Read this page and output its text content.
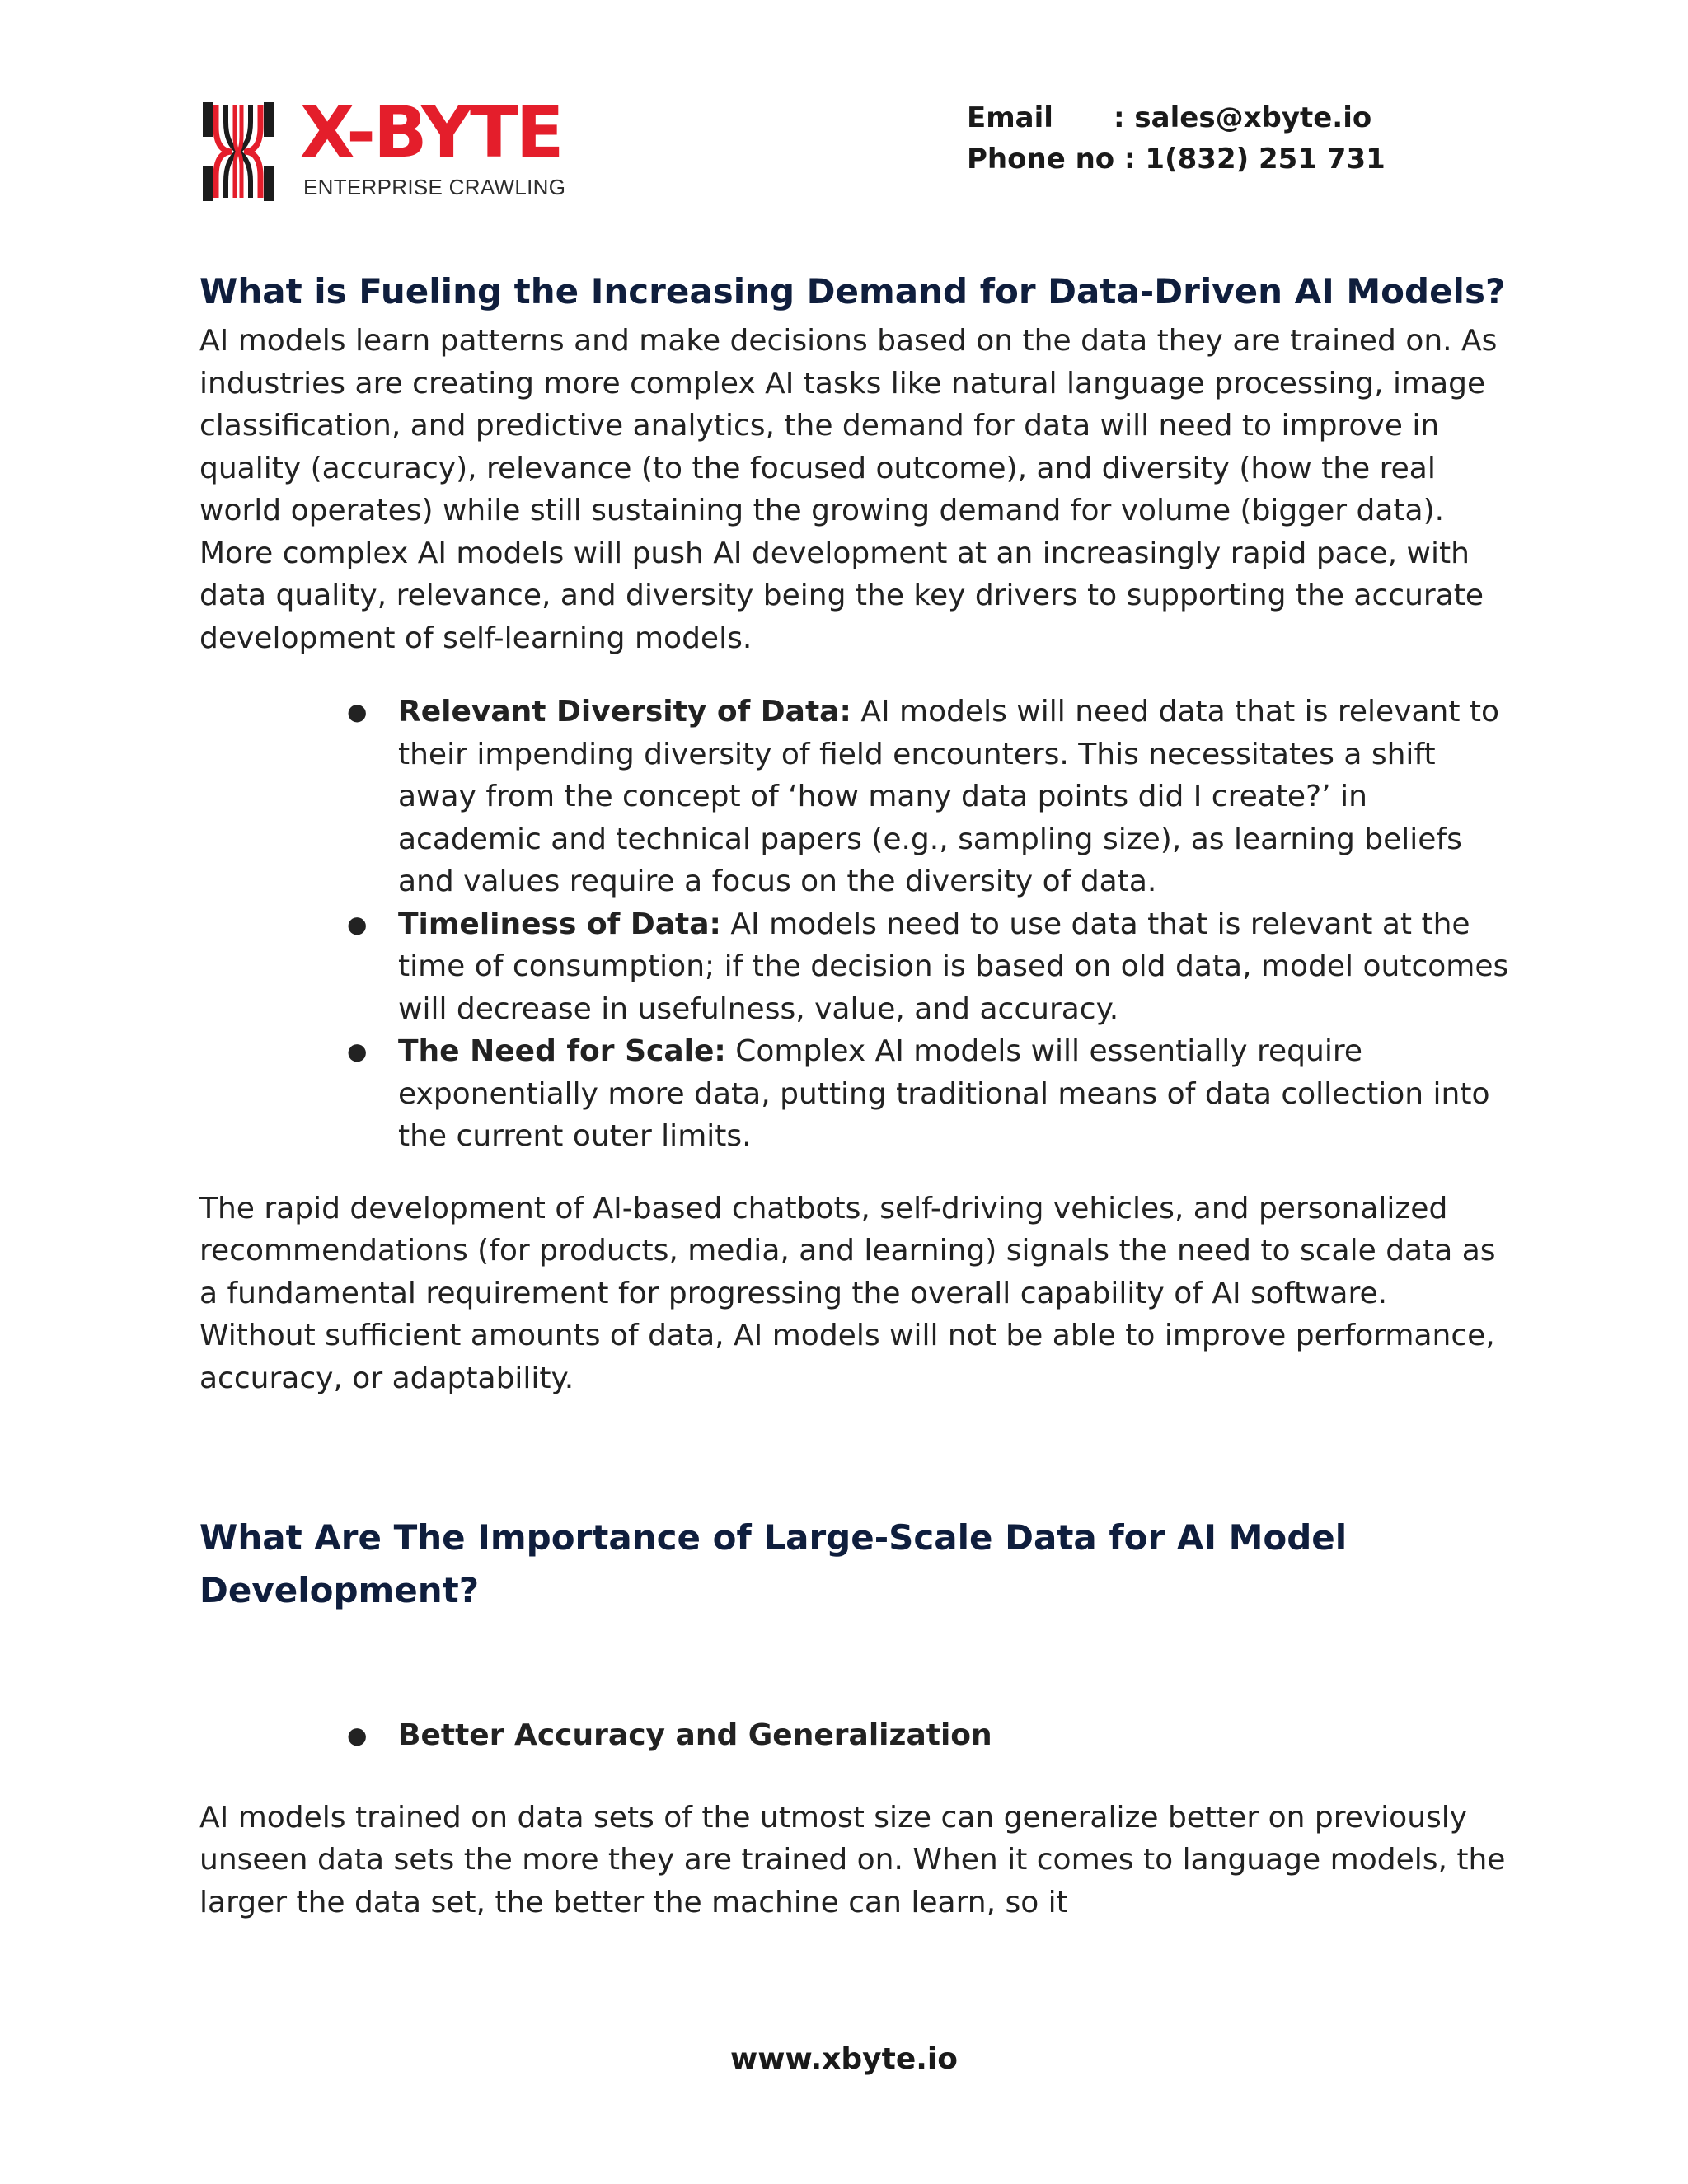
X-BYTE
ENTERPRISE CRAWLING
Email : sales@xbyte.io
Phone no : 1(832) 251 731
What is Fueling the Increasing Demand for Data-Driven AI Models?

AI models learn patterns and make decisions based on the data they are trained on. As industries are creating more complex AI tasks like natural language processing, image classification, and predictive analytics, the demand for data will need to improve in quality (accuracy), relevance (to the focused outcome), and diversity (how the real world operates) while still sustaining the growing demand for volume (bigger data). More complex AI models will push AI development at an increasingly rapid pace, with data quality, relevance, and diversity being the key drivers to supporting the accurate development of self-learning models.

● Relevant Diversity of Data: AI models will need data that is relevant to their impending diversity of field encounters. This necessitates a shift away from the concept of ‘how many data points did I create?’ in academic and technical papers (e.g., sampling size), as learning beliefs and values require a focus on the diversity of data.
● Timeliness of Data: AI models need to use data that is relevant at the time of consumption; if the decision is based on old data, model outcomes will decrease in usefulness, value, and accuracy.
● The Need for Scale: Complex AI models will essentially require exponentially more data, putting traditional means of data collection into the current outer limits.

The rapid development of AI-based chatbots, self-driving vehicles, and personalized recommendations (for products, media, and learning) signals the need to scale data as a fundamental requirement for progressing the overall capability of AI software. Without sufficient amounts of data, AI models will not be able to improve performance, accuracy, or adaptability.

What Are The Importance of Large-Scale Data for AI Model Development?
● Better Accuracy and Generalization

AI models trained on data sets of the utmost size can generalize better on previously unseen data sets the more they are trained on. When it comes to language models, the larger the data set, the better the machine can learn, so it

www.xbyte.io
